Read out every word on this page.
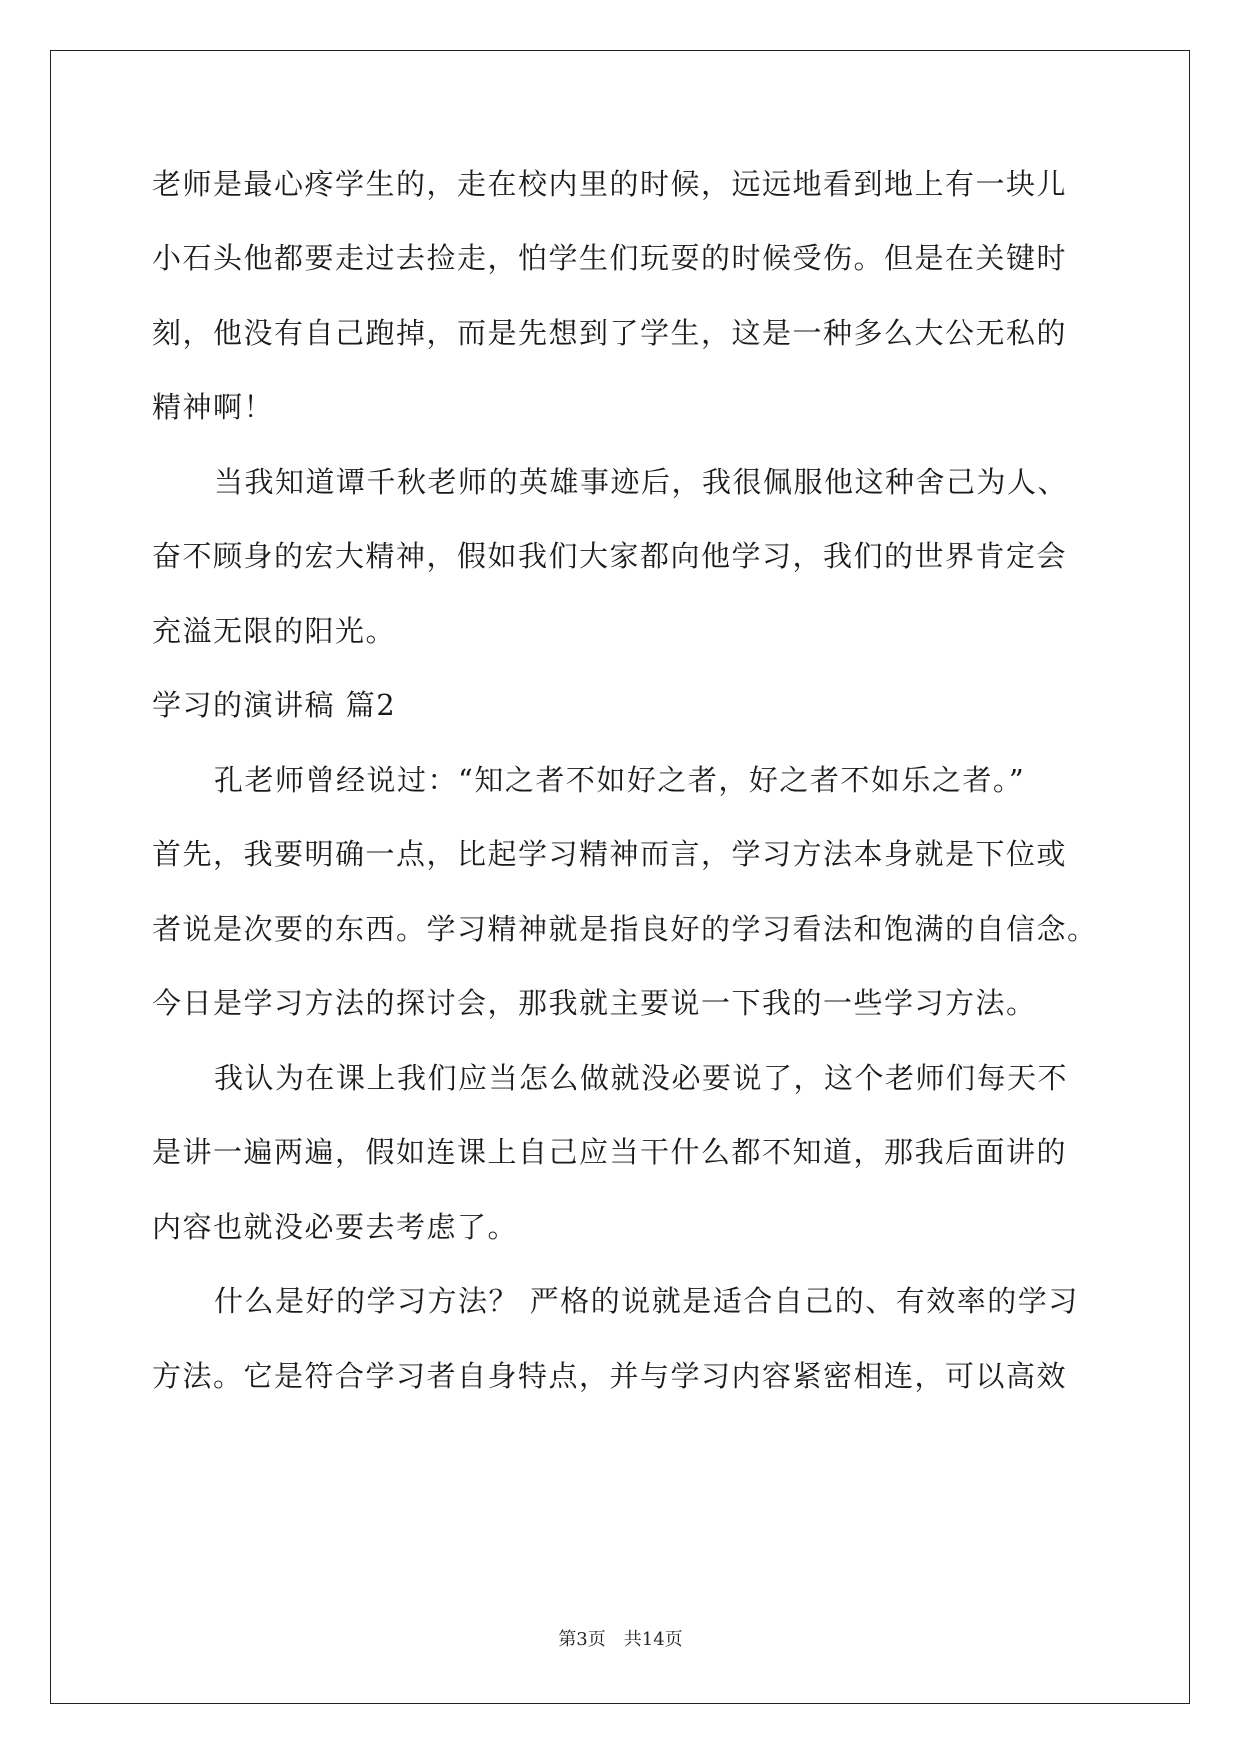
老师是最心疼学生的，走在校内里的时候，远远地看到地上有一块儿
小石头他都要走过去捡走，怕学生们玩耍的时候受伤。但是在关键时
刻，他没有自己跑掉，而是先想到了学生，这是一种多么大公无私的
精神啊！
当我知道谭千秋老师的英雄事迹后，我很佩服他这种舍己为人、
奋不顾身的宏大精神，假如我们大家都向他学习，我们的世界肯定会
充溢无限的阳光。
学习的演讲稿 篇2
孔老师曾经说过：“知之者不如好之者，好之者不如乐之者。”
首先，我要明确一点，比起学习精神而言，学习方法本身就是下位或
者说是次要的东西。学习精神就是指良好的学习看法和饱满的自信念。
今日是学习方法的探讨会，那我就主要说一下我的一些学习方法。
我认为在课上我们应当怎么做就没必要说了，这个老师们每天不
是讲一遍两遍，假如连课上自己应当干什么都不知道，那我后面讲的
内容也就没必要去考虑了。
什么是好的学习方法？ 严格的说就是适合自己的、有效率的学习
方法。它是符合学习者自身特点，并与学习内容紧密相连，可以高效
第3页　共14页
